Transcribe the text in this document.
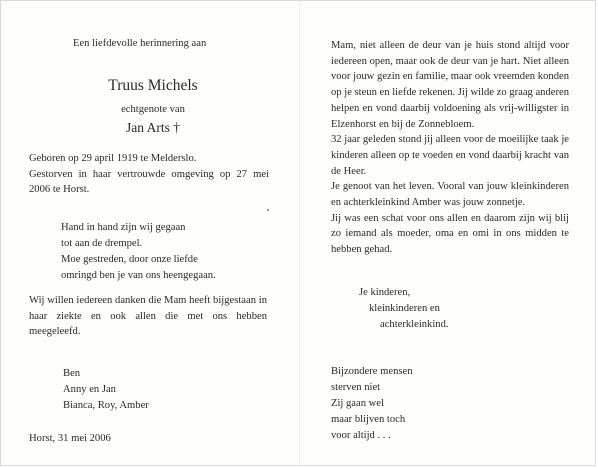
Een liefdevolle herinnering aan
Truus Michels
echtgenote van
Jan Arts †

Geboren op 29 april 1919 te Melderslo.

Gestorven in haar vertrouwde omgeving op 27 mei 2006 te Horst.

Hand in hand zijn wij gegaan
tot aan de drempel.
Moe gestreden, door onze liefde
omringd ben je van ons heengegaan.
Wij willen iedereen danken die Mam heeft bijgestaan in haar ziekte en ook allen die met ons hebben meegeleefd.
Ben
Anny en Jan
Bianca, Roy, Amber
Horst, 31 mei 2006

Mam, niet alleen de deur van je huis stond altijd voor iedereen open, maar ook de deur van je hart. Niet alleen voor jouw gezin en familie, maar ook vreemden konden op je steun en liefde rekenen. Jij wilde zo graag anderen helpen en vond daarbij voldoening als vrij-willigster in Elzenhorst en bij de Zonnebloem.

32 jaar geleden stond jij alleen voor de moeilijke taak je kinderen alleen op te voeden en vond daarbij kracht van de Heer.

Je genoot van het leven. Vooral van jouw kleinkinderen en achterkleinkind Amber was jouw zonnetje.

Jij was een schat voor ons allen en daarom zijn wij blij zo iemand als moeder, oma en omi in ons midden te hebben gehad.

Je kinderen,
kleinkinderen en
achterkleinkind.
Bijzondere mensen
sterven niet
Zij gaan wel
maar blijven toch
voor altijd . . .
